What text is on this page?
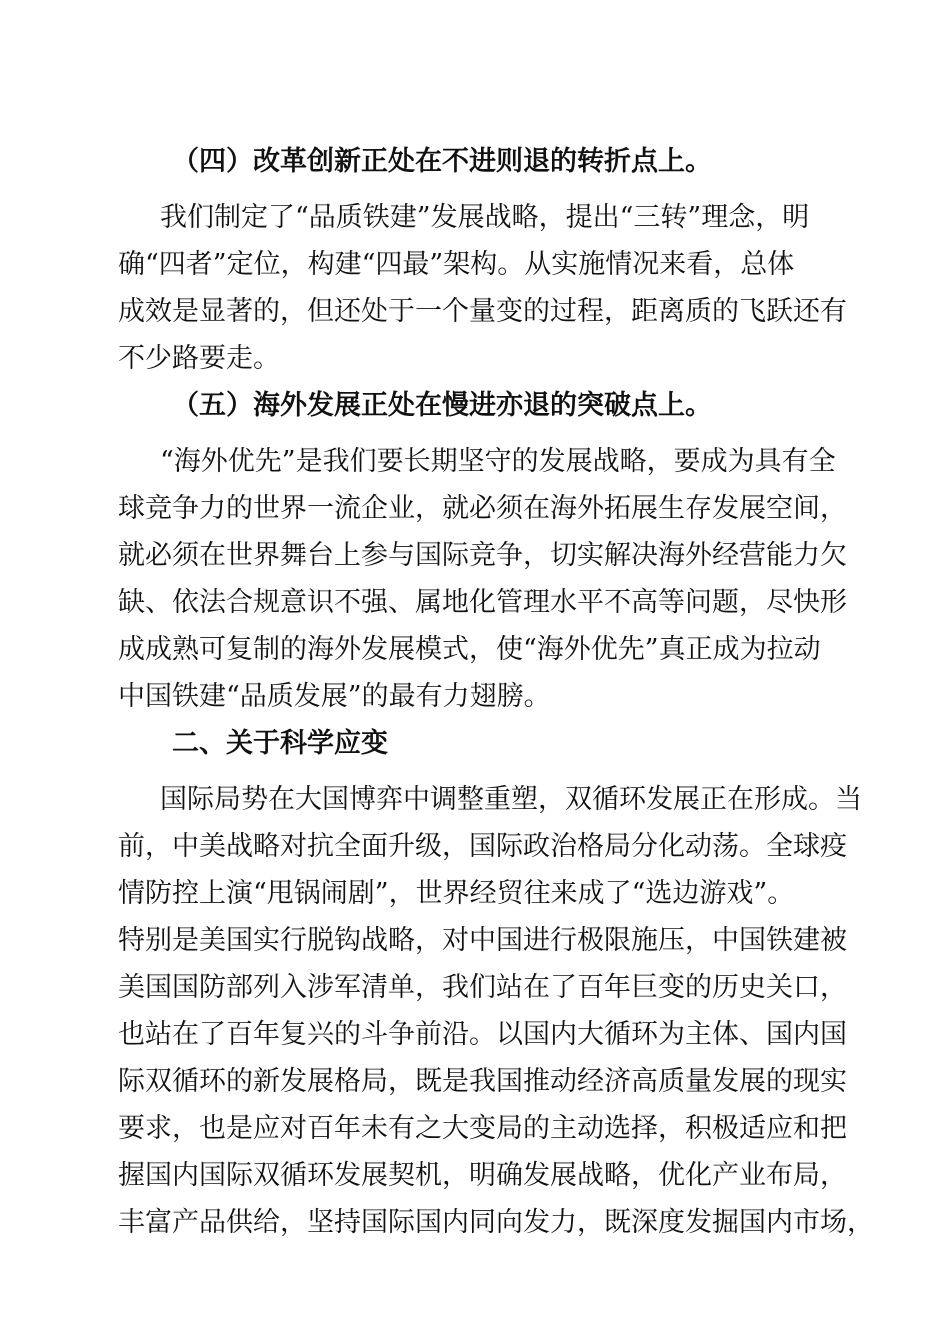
（四）改革创新正处在不进则退的转折点上。

我们制定了“品质铁建”发展战略，提出“三转”理念，明
确“四者”定位，构建“四最”架构。从实施情况来看，总体
成效是显著的，但还处于一个量变的过程，距离质的飞跃还有
不少路要走。

（五）海外发展正处在慢进亦退的突破点上。

“海外优先”是我们要长期坚守的发展战略，要成为具有全
球竞争力的世界一流企业，就必须在海外拓展生存发展空间，
就必须在世界舞台上参与国际竞争，切实解决海外经营能力欠
缺、依法合规意识不强、属地化管理水平不高等问题，尽快形
成成熟可复制的海外发展模式，使“海外优先”真正成为拉动
中国铁建“品质发展”的最有力翅膀。

二、关于科学应变

国际局势在大国博弈中调整重塑，双循环发展正在形成。当
前，中美战略对抗全面升级，国际政治格局分化动荡。全球疫
情防控上演“甩锅闹剧”，世界经贸往来成了“选边游戏”。
特别是美国实行脱钩战略，对中国进行极限施压，中国铁建被
美国国防部列入涉军清单，我们站在了百年巨变的历史关口，
也站在了百年复兴的斗争前沿。以国内大循环为主体、国内国
际双循环的新发展格局，既是我国推动经济高质量发展的现实
要求，也是应对百年未有之大变局的主动选择，积极适应和把
握国内国际双循环发展契机，明确发展战略，优化产业布局，
丰富产品供给，坚持国际国内同向发力，既深度发掘国内市场，
